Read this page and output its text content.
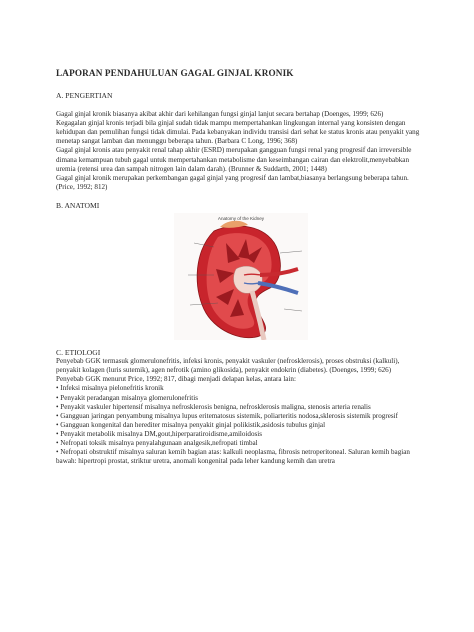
LAPORAN PENDAHULUAN GAGAL GINJAL KRONIK
A. PENGERTIAN

Gagal ginjal kronik biasanya akibat akhir dari kehilangan fungsi ginjal lanjut secara bertahap (Doenges, 1999; 626)

Kegagalan ginjal kronis terjadi bila ginjal sudah tidak mampu mempertahankan lingkungan internal yang konsisten dengan kehidupan dan pemulihan fungsi tidak dimulai. Pada kebanyakan individu transisi dari sehat ke status kronis atau penyakit yang menetap sangat lamban dan menunggu beberapa tahun. (Barbara C Long, 1996; 368)

Gagal ginjal kronis atau penyakit renal tahap akhir (ESRD) merupakan gangguan fungsi renal yang progresif dan irreversible dimana kemampuan tubuh gagal untuk mempertahankan metabolisme dan keseimbangan cairan dan elektrolit,menyebabkan uremia (retensi urea dan sampah nitrogen lain dalam darah). (Brunner & Suddarth, 2001; 1448)

Gagal ginjal kronik merupakan perkembangan gagal ginjal yang progresif dan lambat,biasanya berlangsung beberapa tahun. (Price, 1992; 812)

B. ANATOMI
Anatomy of the Kidney
C. ETIOLOGI

Penyebab GGK termasuk glomerulonefritis, infeksi kronis, penyakit vaskuler (nefrosklerosis), proses obstruksi (kalkuli), penyakit kolagen (luris sutemik), agen nefrotik (amino glikosida), penyakit endokrin (diabetes). (Doenges, 1999; 626)

Penyebab GGK menurut Price, 1992; 817, dibagi menjadi delapan kelas, antara lain:

• Infeksi misalnya pielonefritis kronik
• Penyakit peradangan misalnya glomerulonefritis
• Penyakit vaskuler hipertensif misalnya nefrosklerosis benigna, nefrosklerosis maligna, stenosis arteria renalis
• Gangguan jaringan penyambung misalnya lupus eritematosus sistemik, poliarteritis nodosa,sklerosis sistemik progresif
• Gangguan kongenital dan herediter misalnya penyakit ginjal polikistik,asidosis tubulus ginjal
• Penyakit metabolik misalnya DM,gout,hiperparatiroidisme,amiloidosis
• Nefropati toksik misalnya penyalahgunaan analgesik,nefropati timbal
• Nefropati obstruktif misalnya saluran kemih bagian atas: kalkuli neoplasma, fibrosis netroperitoneal. Saluran kemih bagian bawah: hipertropi prostat, striktur uretra, anomali kongenital pada leher kandung kemih dan uretra
